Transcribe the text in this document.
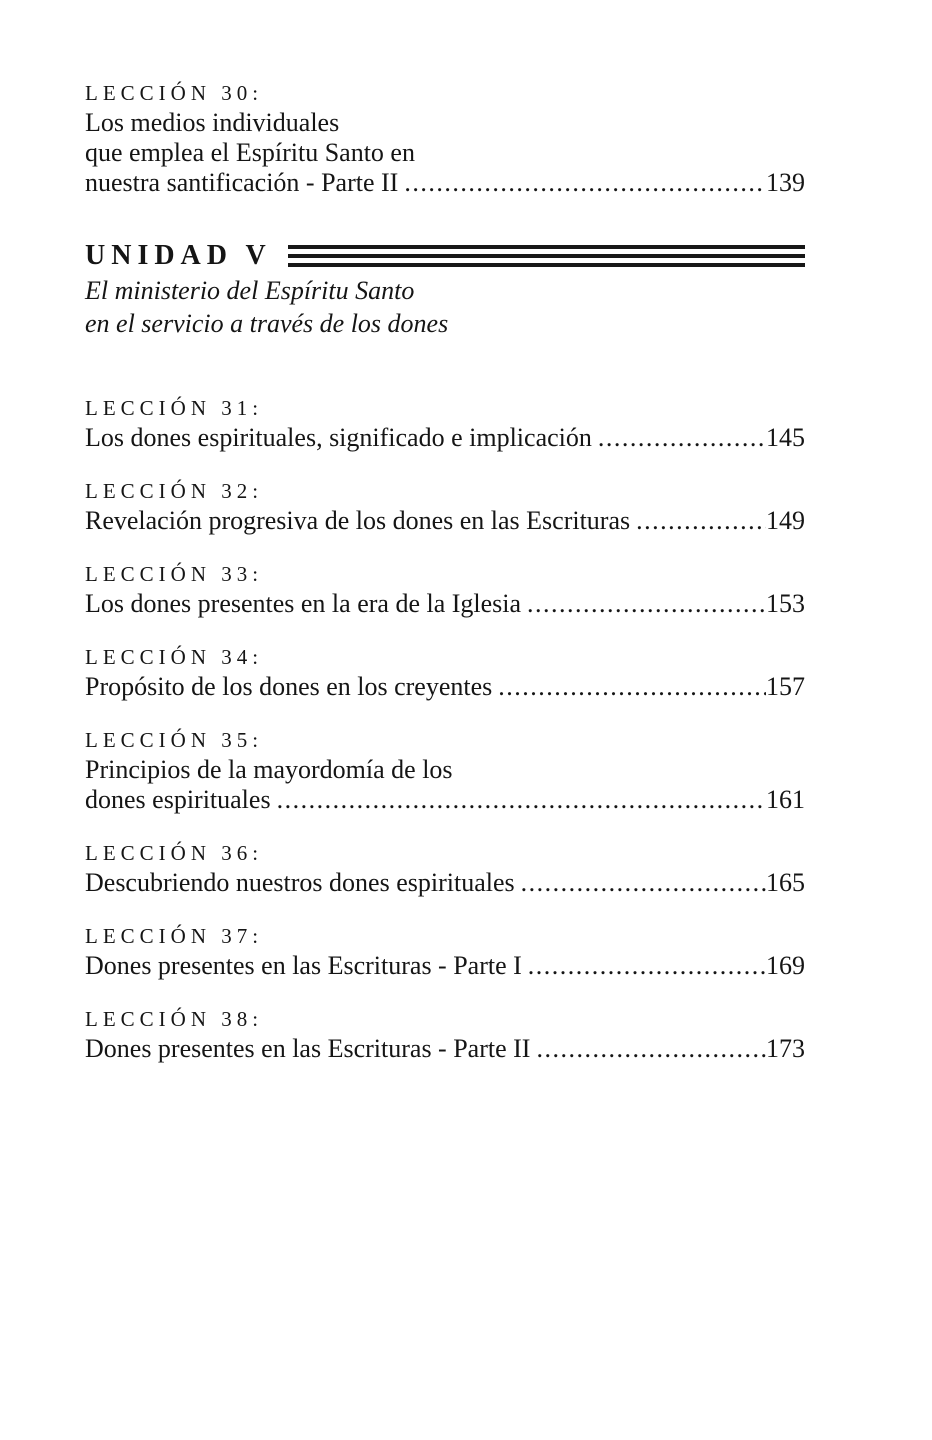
LECCIÓN 30:
Los medios individuales
que emplea el Espíritu Santo en
nuestra santificación - Parte II .....	139
UNIDAD V
El ministerio del Espíritu Santo
en el servicio a través de los dones
LECCIÓN 31:
Los dones espirituales, significado e implicación .....	145
LECCIÓN 32:
Revelación progresiva de los dones en las Escrituras .....	149
LECCIÓN 33:
Los dones presentes en la era de la Iglesia .....	153
LECCIÓN 34:
Propósito de los dones en los creyentes .....	157
LECCIÓN 35:
Principios de la mayordomía de los
dones espirituales .....	161
LECCIÓN 36:
Descubriendo nuestros dones espirituales .....	165
LECCIÓN 37:
Dones presentes en las Escrituras - Parte I .....	169
LECCIÓN 38:
Dones presentes en las Escrituras - Parte II .....	173
